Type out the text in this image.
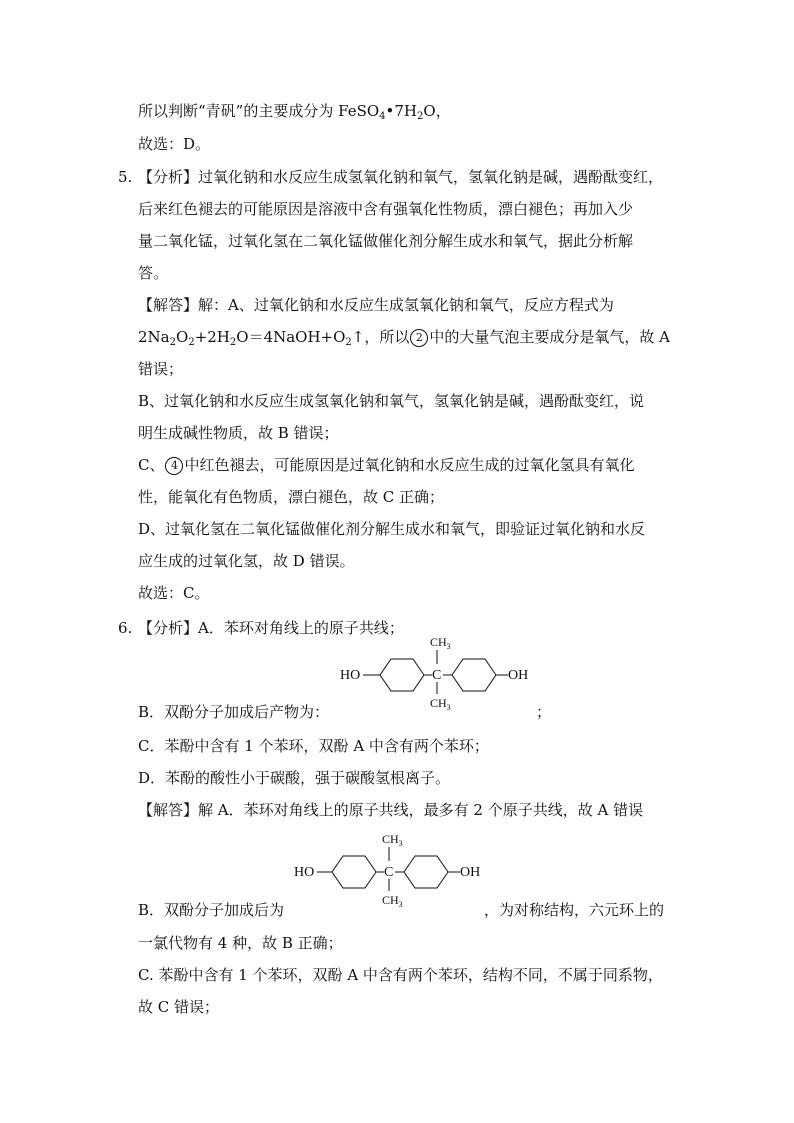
所以判断“青矾”的主要成分为 $FeSO_4•7H_2O$，
故选：D。
5. 【分析】过氧化钠和水反应生成氢氧化钠和氧气，氢氧化钠是碱，遇酚酞变红，
后来红色褪去的可能原因是溶液中含有强氧化性物质，漂白褪色；再加入少
量二氧化锰，过氧化氢在二氧化锰做催化剂分解生成水和氧气，据此分析解
答。
【解答】解：A、过氧化钠和水反应生成氢氧化钠和氧气，反应方程式为
$2Na_2O_2+2H_2O=4NaOH+O_2↑$，所以 2 中的大量气泡主要成分是氧气，故 A
错误；
B、过氧化钠和水反应生成氢氧化钠和氧气，氢氧化钠是碱，遇酚酞变红，说
明生成碱性物质，故 B 错误；
C、 4 中红色褪去，可能原因是过氧化钠和水反应生成的过氧化氢具有氧化
性，能氧化有色物质，漂白褪色，故 C 正确；
D、过氧化氢在二氧化锰做催化剂分解生成水和氧气，即验证过氧化钠和水反
应生成的过氧化氢，故 D 错误。
故选：C。
6. 【分析】A．苯环对角线上的原子共线；
HO	C
$CH_3$
$CH_3$
OH
B．双酚分子加成后产物为：	；
C．苯酚中含有 1 个苯环，双酚 A 中含有两个苯环；
D．苯酚的酸性小于碳酸，强于碳酸氢根离子。
【解答】解 A．苯环对角线上的原子共线，最多有 2 个原子共线，故 A 错误
HO	C
$CH_3$
$CH_3$
OH
B．双酚分子加成后为	，为对称结构，六元环上的
一氯代物有 4 种，故 B 正确；
C. 苯酚中含有 1 个苯环，双酚 A 中含有两个苯环，结构不同，不属于同系物，
故 C 错误；
